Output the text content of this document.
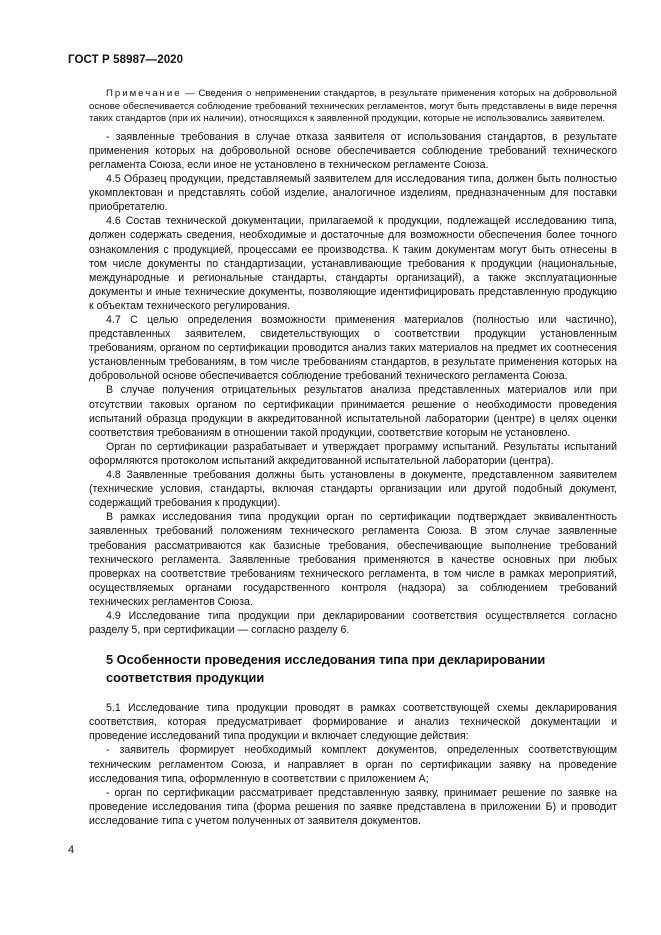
ГОСТ Р 58987—2020

Примечание — Сведения о неприменении стандартов, в результате применения которых на добровольной основе обеспечивается соблюдение требований технических регламентов, могут быть представлены в виде перечня таких стандартов (при их наличии), относящихся к заявленной продукции, которые не использовались заявителем.

- заявленные требования в случае отказа заявителя от использования стандартов, в результате применения которых на добровольной основе обеспечивается соблюдение требований технического регламента Союза, если иное не установлено в техническом регламенте Союза.

4.5 Образец продукции, представляемый заявителем для исследования типа, должен быть полностью укомплектован и представлять собой изделие, аналогичное изделиям, предназначенным для поставки приобретателю.

4.6 Состав технической документации, прилагаемой к продукции, подлежащей исследованию типа, должен содержать сведения, необходимые и достаточные для возможности обеспечения более точного ознакомления с продукцией, процессами ее производства. К таким документам могут быть отнесены в том числе документы по стандартизации, устанавливающие требования к продукции (национальные, международные и региональные стандарты, стандарты организаций), а также эксплуатационные документы и иные технические документы, позволяющие идентифицировать представленную продукцию к объектам технического регулирования.

4.7 С целью определения возможности применения материалов (полностью или частично), представленных заявителем, свидетельствующих о соответствии продукции установленным требованиям, органом по сертификации проводится анализ таких материалов на предмет их соотнесения установленным требованиям, в том числе требованиям стандартов, в результате применения которых на добровольной основе обеспечивается соблюдение требований технического регламента Союза.

В случае получения отрицательных результатов анализа представленных материалов или при отсутствии таковых органом по сертификации принимается решение о необходимости проведения испытаний образца продукции в аккредитованной испытательной лаборатории (центре) в целях оценки соответствия требованиям в отношении такой продукции, соответствие которым не установлено.

Орган по сертификации разрабатывает и утверждает программу испытаний. Результаты испытаний оформляются протоколом испытаний аккредитованной испытательной лаборатории (центра).

4.8 Заявленные требования должны быть установлены в документе, представленном заявителем (технические условия, стандарты, включая стандарты организации или другой подобный документ, содержащий требования к продукции).

В рамках исследования типа продукции орган по сертификации подтверждает эквивалентность заявленных требований положениям технического регламента Союза. В этом случае заявленные требования рассматриваются как базисные требования, обеспечивающие выполнение требований технического регламента. Заявленные требования применяются в качестве основных при любых проверках на соответствие требованиям технического регламента, в том числе в рамках мероприятий, осуществляемых органами государственного контроля (надзора) за соблюдением требований технических регламентов Союза.

4.9 Исследование типа продукции при декларировании соответствия осуществляется согласно разделу 5, при сертификации — согласно разделу 6.

5 Особенности проведения исследования типа при декларировании соответствия продукции

5.1 Исследование типа продукции проводят в рамках соответствующей схемы декларирования соответствия, которая предусматривает формирование и анализ технической документации и проведение исследований типа продукции и включает следующие действия:

- заявитель формирует необходимый комплект документов, определенных соответствующим техническим регламентом Союза, и направляет в орган по сертификации заявку на проведение исследования типа, оформленную в соответствии с приложением А;

- орган по сертификации рассматривает представленную заявку, принимает решение по заявке на проведение исследования типа (форма решения по заявке представлена в приложении Б) и проводит исследование типа с учетом полученных от заявителя документов.

4
